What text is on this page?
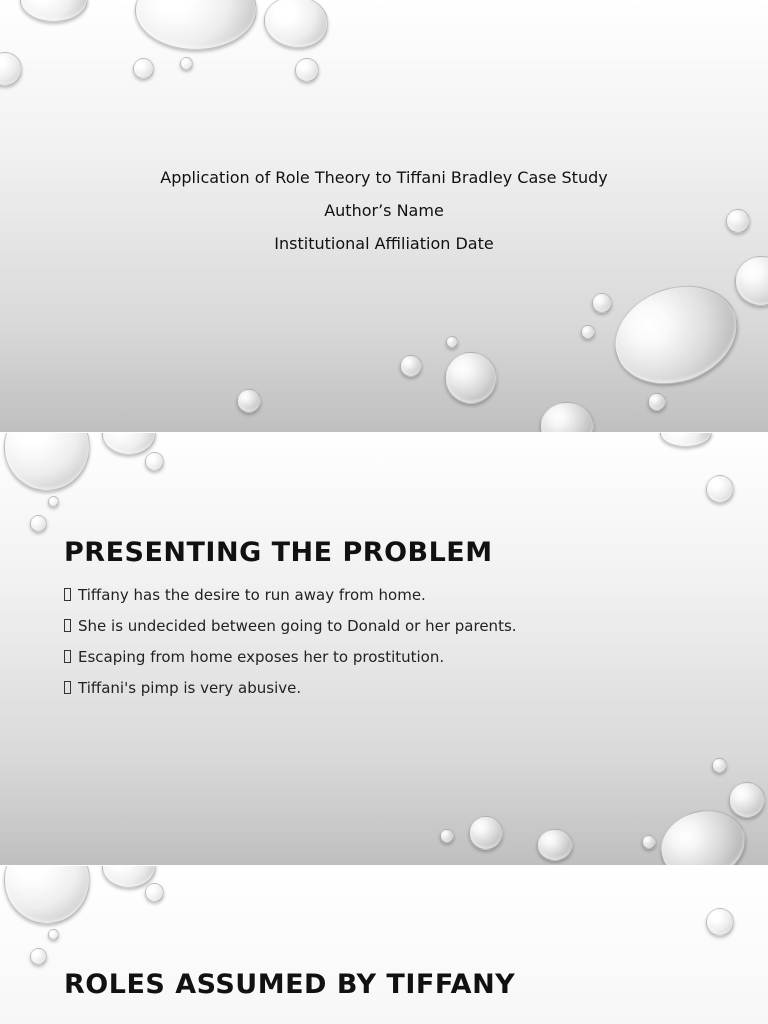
Application of Role Theory to Tiffani Bradley Case Study
Author’s Name
Institutional Affiliation Date
PRESENTING THE PROBLEM
Tiffany has the desire to run away from home.
She is undecided between going to Donald or her parents.
Escaping from home exposes her to prostitution.
Tiffani's pimp is very abusive.
ROLES ASSUMED BY TIFFANY
